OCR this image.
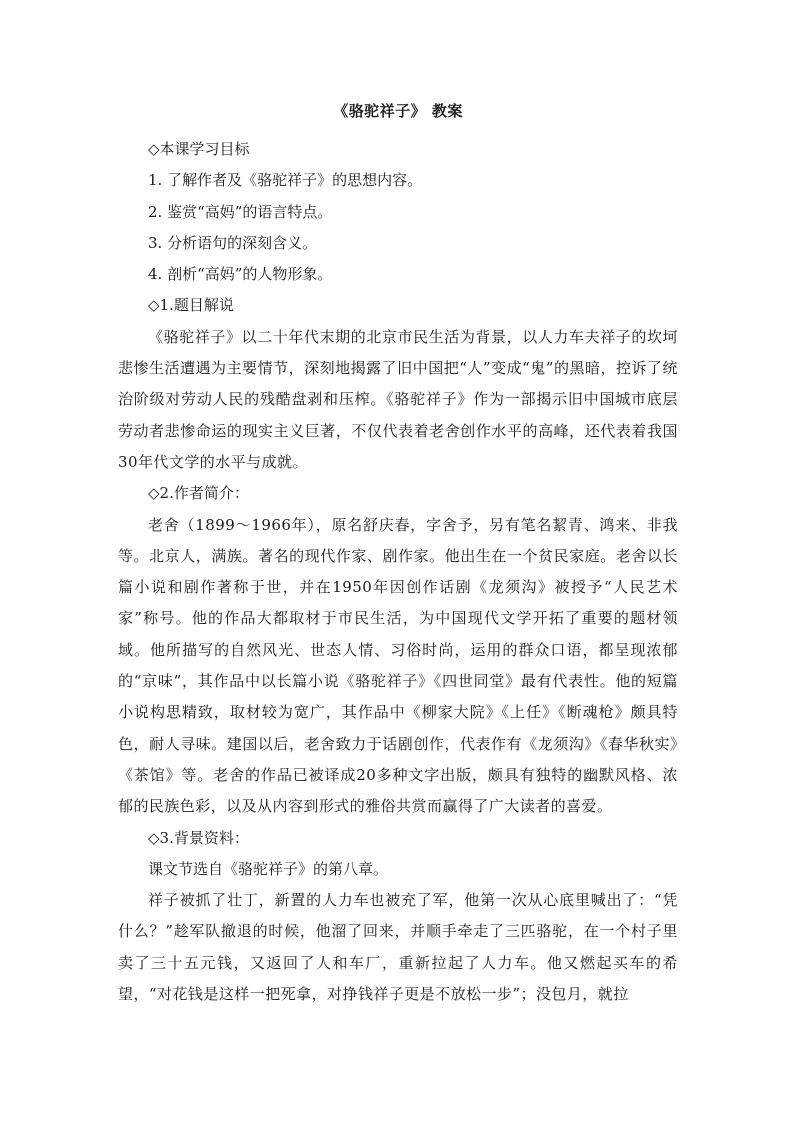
《骆驼祥子》 教案

◇本课学习目标

1. 了解作者及《骆驼祥子》的思想内容。

2. 鉴赏“高妈”的语言特点。

3. 分析语句的深刻含义。

4. 剖析“高妈”的人物形象。

◇1.题目解说

《骆驼祥子》以二十年代末期的北京市民生活为背景，以人力车夫祥子的坎坷悲惨生活遭遇为主要情节，深刻地揭露了旧中国把“人”变成“鬼”的黑暗，控诉了统治阶级对劳动人民的残酷盘剥和压榨。《骆驼祥子》作为一部揭示旧中国城市底层劳动者悲惨命运的现实主义巨著，不仅代表着老舍创作水平的高峰，还代表着我国30年代文学的水平与成就。

◇2.作者简介：

老舍（1899～1966年），原名舒庆春，字舍予，另有笔名絜青、鸿来、非我等。北京人，满族。著名的现代作家、剧作家。他出生在一个贫民家庭。老舍以长篇小说和剧作著称于世，并在1950年因创作话剧《龙须沟》被授予“人民艺术家”称号。他的作品大都取材于市民生活，为中国现代文学开拓了重要的题材领域。他所描写的自然风光、世态人情、习俗时尚，运用的群众口语，都呈现浓郁的“京味”，其作品中以长篇小说《骆驼祥子》《四世同堂》最有代表性。他的短篇小说构思精致，取材较为宽广，其作品中《柳家大院》《上任》《断魂枪》颇具特色，耐人寻味。建国以后，老舍致力于话剧创作，代表作有《龙须沟》《春华秋实》《茶馆》等。老舍的作品已被译成20多种文字出版，颇具有独特的幽默风格、浓郁的民族色彩，以及从内容到形式的雅俗共赏而赢得了广大读者的喜爱。

◇3.背景资料：

课文节选自《骆驼祥子》的第八章。

祥子被抓了壮丁，新置的人力车也被充了军，他第一次从心底里喊出了：“凭什么？”趁军队撤退的时候，他溜了回来，并顺手牵走了三匹骆驼，在一个村子里卖了三十五元钱，又返回了人和车厂，重新拉起了人力车。他又燃起买车的希望，“对花钱是这样一把死拿，对挣钱祥子更是不放松一步”；没包月，就拉
